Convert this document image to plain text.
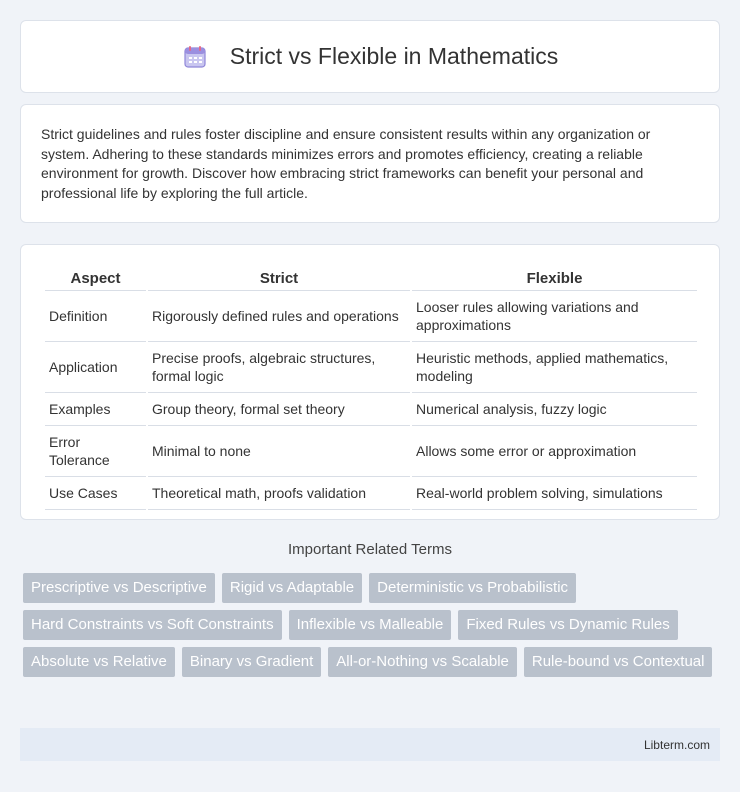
Strict vs Flexible in Mathematics

Strict guidelines and rules foster discipline and ensure consistent results within any organization or system. Adhering to these standards minimizes errors and promotes efficiency, creating a reliable environment for growth. Discover how embracing strict frameworks can benefit your personal and professional life by exploring the full article.

Aspect	Strict	Flexible
Definition	Rigorously defined rules and operations	Looser rules allowing variations and approximations
Application	Precise proofs, algebraic structures, formal logic	Heuristic methods, applied mathematics, modeling
Examples	Group theory, formal set theory	Numerical analysis, fuzzy logic
Error Tolerance	Minimal to none	Allows some error or approximation
Use Cases	Theoretical math, proofs validation	Real-world problem solving, simulations
Important Related Terms
Prescriptive vs Descriptive	Rigid vs Adaptable	Deterministic vs Probabilistic
Hard Constraints vs Soft Constraints	Inflexible vs Malleable	Fixed Rules vs Dynamic Rules
Absolute vs Relative	Binary vs Gradient	All-or-Nothing vs Scalable	Rule-bound vs Contextual
Libterm.com
